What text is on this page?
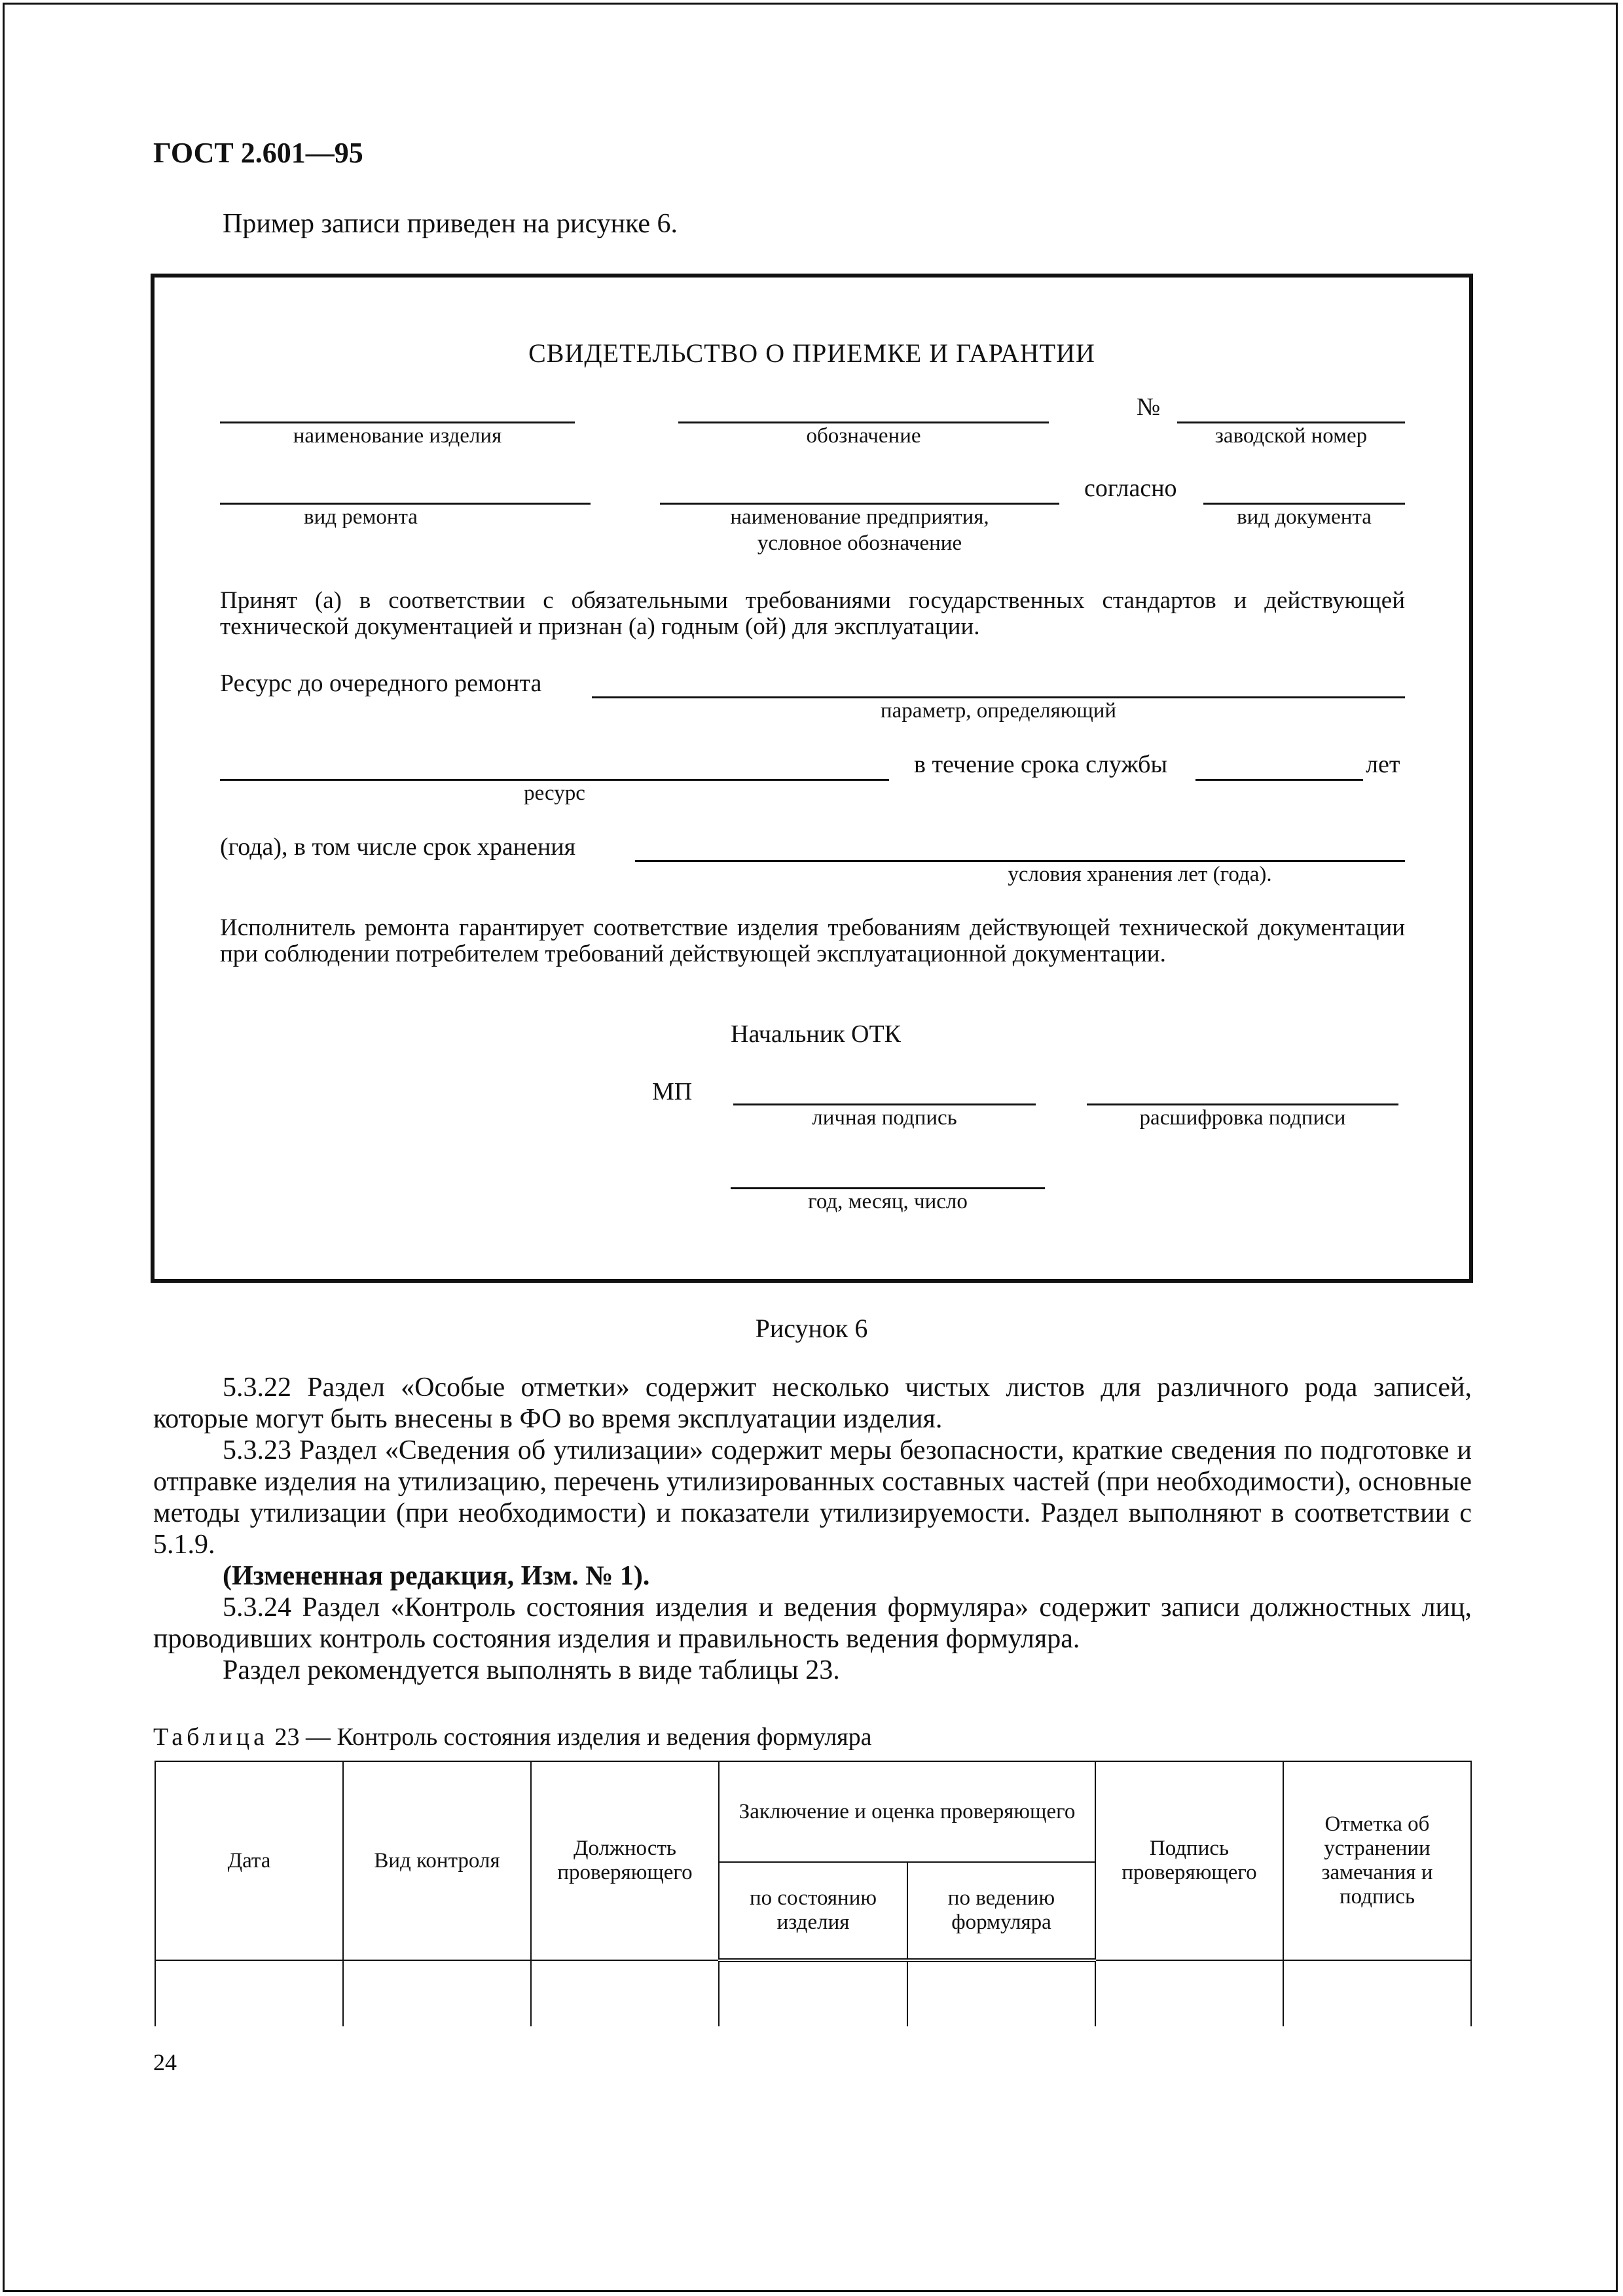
ГОСТ 2.601—95
Пример записи приведен на рисунке 6.
СВИДЕТЕЛЬСТВО О ПРИЕМКЕ И ГАРАНТИИ
наименование изделия	обозначение
№
заводской номер
вид ремонта	наименование предприятия,
условное обозначение
согласно
вид документа
Принят (а) в соответствии с обязательными требованиями государственных стандартов и действующей технической документацией и признан (а) годным (ой) для эксплуатации.
Ресурс до очередного ремонта
параметр, определяющий
ресурс
в течение срока службы	лет
(года), в том числе срок хранения
условия хранения лет (года).
Исполнитель ремонта гарантирует соответствие изделия требованиям действующей технической документации при соблюдении потребителем требований действующей эксплуатационной документации.
Начальник ОТК
МП
личная подпись	расшифровка подписи
год, месяц, число
Рисунок 6
5.3.22 Раздел «Особые отметки» содержит несколько чистых листов для различного рода записей, которые могут быть внесены в ФО во время эксплуатации изделия.
5.3.23 Раздел «Сведения об утилизации» содержит меры безопасности, краткие сведения по подготовке и отправке изделия на утилизацию, перечень утилизированных составных частей (при необходимости), основные методы утилизации (при необходимости) и показатели утилизируемости. Раздел выполняют в соответствии с 5.1.9.
(Измененная редакция, Изм. № 1).
5.3.24 Раздел «Контроль состояния изделия и ведения формуляра» содержит записи должностных лиц, проводивших контроль состояния изделия и правильность ведения формуляра.
Раздел рекомендуется выполнять в виде таблицы 23.
Таблица 23 — Контроль состояния изделия и ведения формуляра
Дата	Вид контроля	Должность проверяющего	Заключение и оценка проверяющего		Подпись проверяющего	Отметка об устранении замечания и подпись
			по состоянию изделия	по ведению формуляра		

24
